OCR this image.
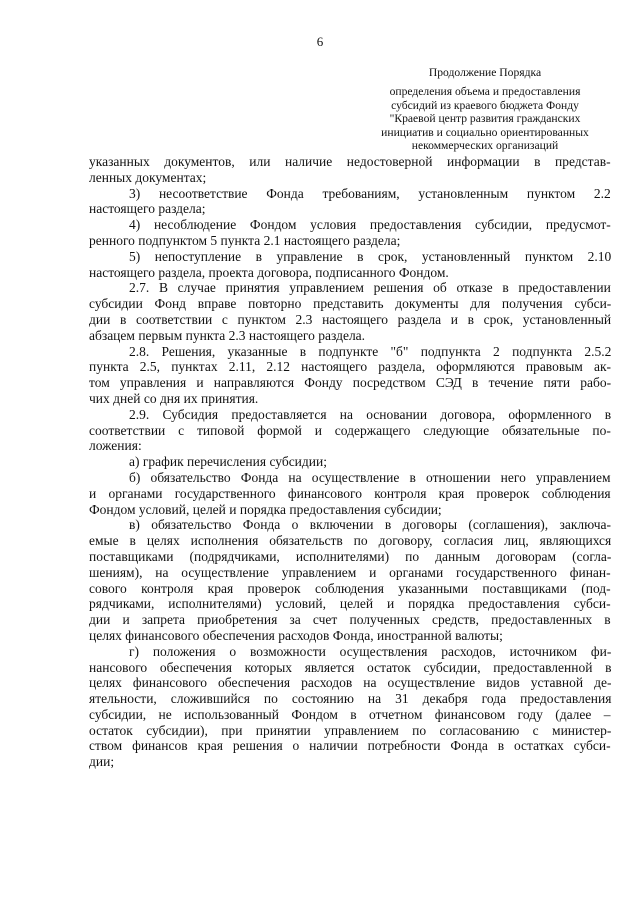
6
Продолжение Порядка
определения объема и предоставления
субсидий из краевого бюджета Фонду
"Краевой центр развития гражданских
инициатив и социально ориентированных
некоммерческих организаций
указанных документов, или наличие недостоверной информации в представ-
ленных документах;
3) несоответствие Фонда требованиям, установленным пунктом 2.2
настоящего раздела;
4) несоблюдение Фондом условия предоставления субсидии, предусмот-
ренного подпунктом 5 пункта 2.1 настоящего раздела;
5) непоступление в управление в срок, установленный пунктом 2.10
настоящего раздела, проекта договора, подписанного Фондом.
2.7. В случае принятия управлением решения об отказе в предоставлении
субсидии Фонд вправе повторно представить документы для получения субси-
дии в соответствии с пунктом 2.3 настоящего раздела и в срок, установленный
абзацем первым пункта 2.3 настоящего раздела.
2.8. Решения, указанные в подпункте "б" подпункта 2 подпункта 2.5.2
пункта 2.5, пунктах 2.11, 2.12 настоящего раздела, оформляются правовым ак-
том управления и направляются Фонду посредством СЭД в течение пяти рабо-
чих дней со дня их принятия.
2.9. Субсидия предоставляется на основании договора, оформленного в
соответствии с типовой формой и содержащего следующие обязательные по-
ложения:
а) график перечисления субсидии;
б) обязательство Фонда на осуществление в отношении него управлением
и органами государственного финансового контроля края проверок соблюдения
Фондом условий, целей и порядка предоставления субсидии;
в) обязательство Фонда о включении в договоры (соглашения), заключа-
емые в целях исполнения обязательств по договору, согласия лиц, являющихся
поставщиками (подрядчиками, исполнителями) по данным договорам (согла-
шениям), на осуществление управлением и органами государственного финан-
сового контроля края проверок соблюдения указанными поставщиками (под-
рядчиками, исполнителями) условий, целей и порядка предоставления субси-
дии и запрета приобретения за счет полученных средств, предоставленных в
целях финансового обеспечения расходов Фонда, иностранной валюты;
г) положения о возможности осуществления расходов, источником фи-
нансового обеспечения которых является остаток субсидии, предоставленной в
целях финансового обеспечения расходов на осуществление видов уставной де-
ятельности, сложившийся по состоянию на 31 декабря года предоставления
субсидии, не использованный Фондом в отчетном финансовом году (далее –
остаток субсидии), при принятии управлением по согласованию с министер-
ством финансов края решения о наличии потребности Фонда в остатках субси-
дии;
